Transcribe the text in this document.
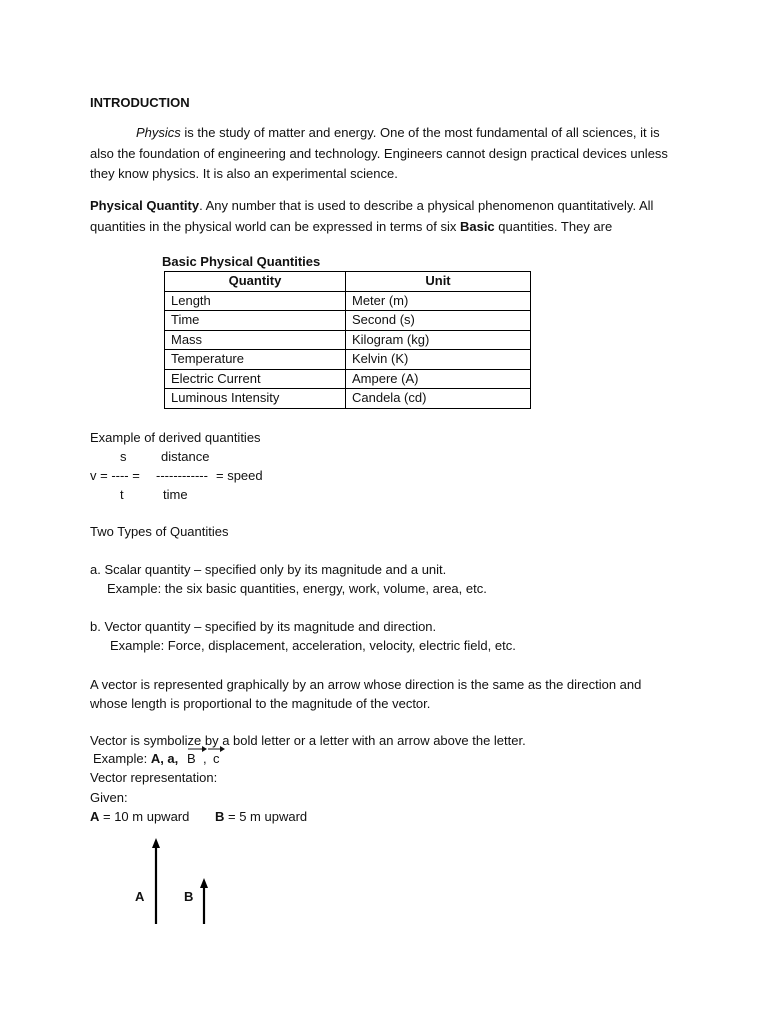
INTRODUCTION
Physics is the study of matter and energy. One of the most fundamental of all sciences, it is also the foundation of engineering and technology. Engineers cannot design practical devices unless they know physics. It is also an experimental science.
Physical Quantity. Any number that is used to describe a physical phenomenon quantitatively. All quantities in the physical world can be expressed in terms of six Basic quantities. They are
Basic Physical Quantities
Quantity	Unit
Length	Meter (m)
Time	Second (s)
Mass	Kilogram (kg)
Temperature	Kelvin (K)
Electric Current	Ampere (A)
Luminous Intensity	Candela (cd)
Example of derived quantities
s	distance
v = ---- = ------------ = speed
t	time
Two Types of Quantities
a. Scalar quantity – specified only by its magnitude and a unit.
Example: the six basic quantities, energy, work, volume, area, etc.
b. Vector quantity – specified by its magnitude and direction.
Example: Force, displacement, acceleration, velocity, electric field, etc.
A vector is represented graphically by an arrow whose direction is the same as the direction and whose length is proportional to the magnitude of the vector.
Vector is symbolize by a bold letter or a letter with an arrow above the letter.
Example: A, a, B , c
Vector representation:
Given:
A = 10 m upward B = 5 m upward
A	B
